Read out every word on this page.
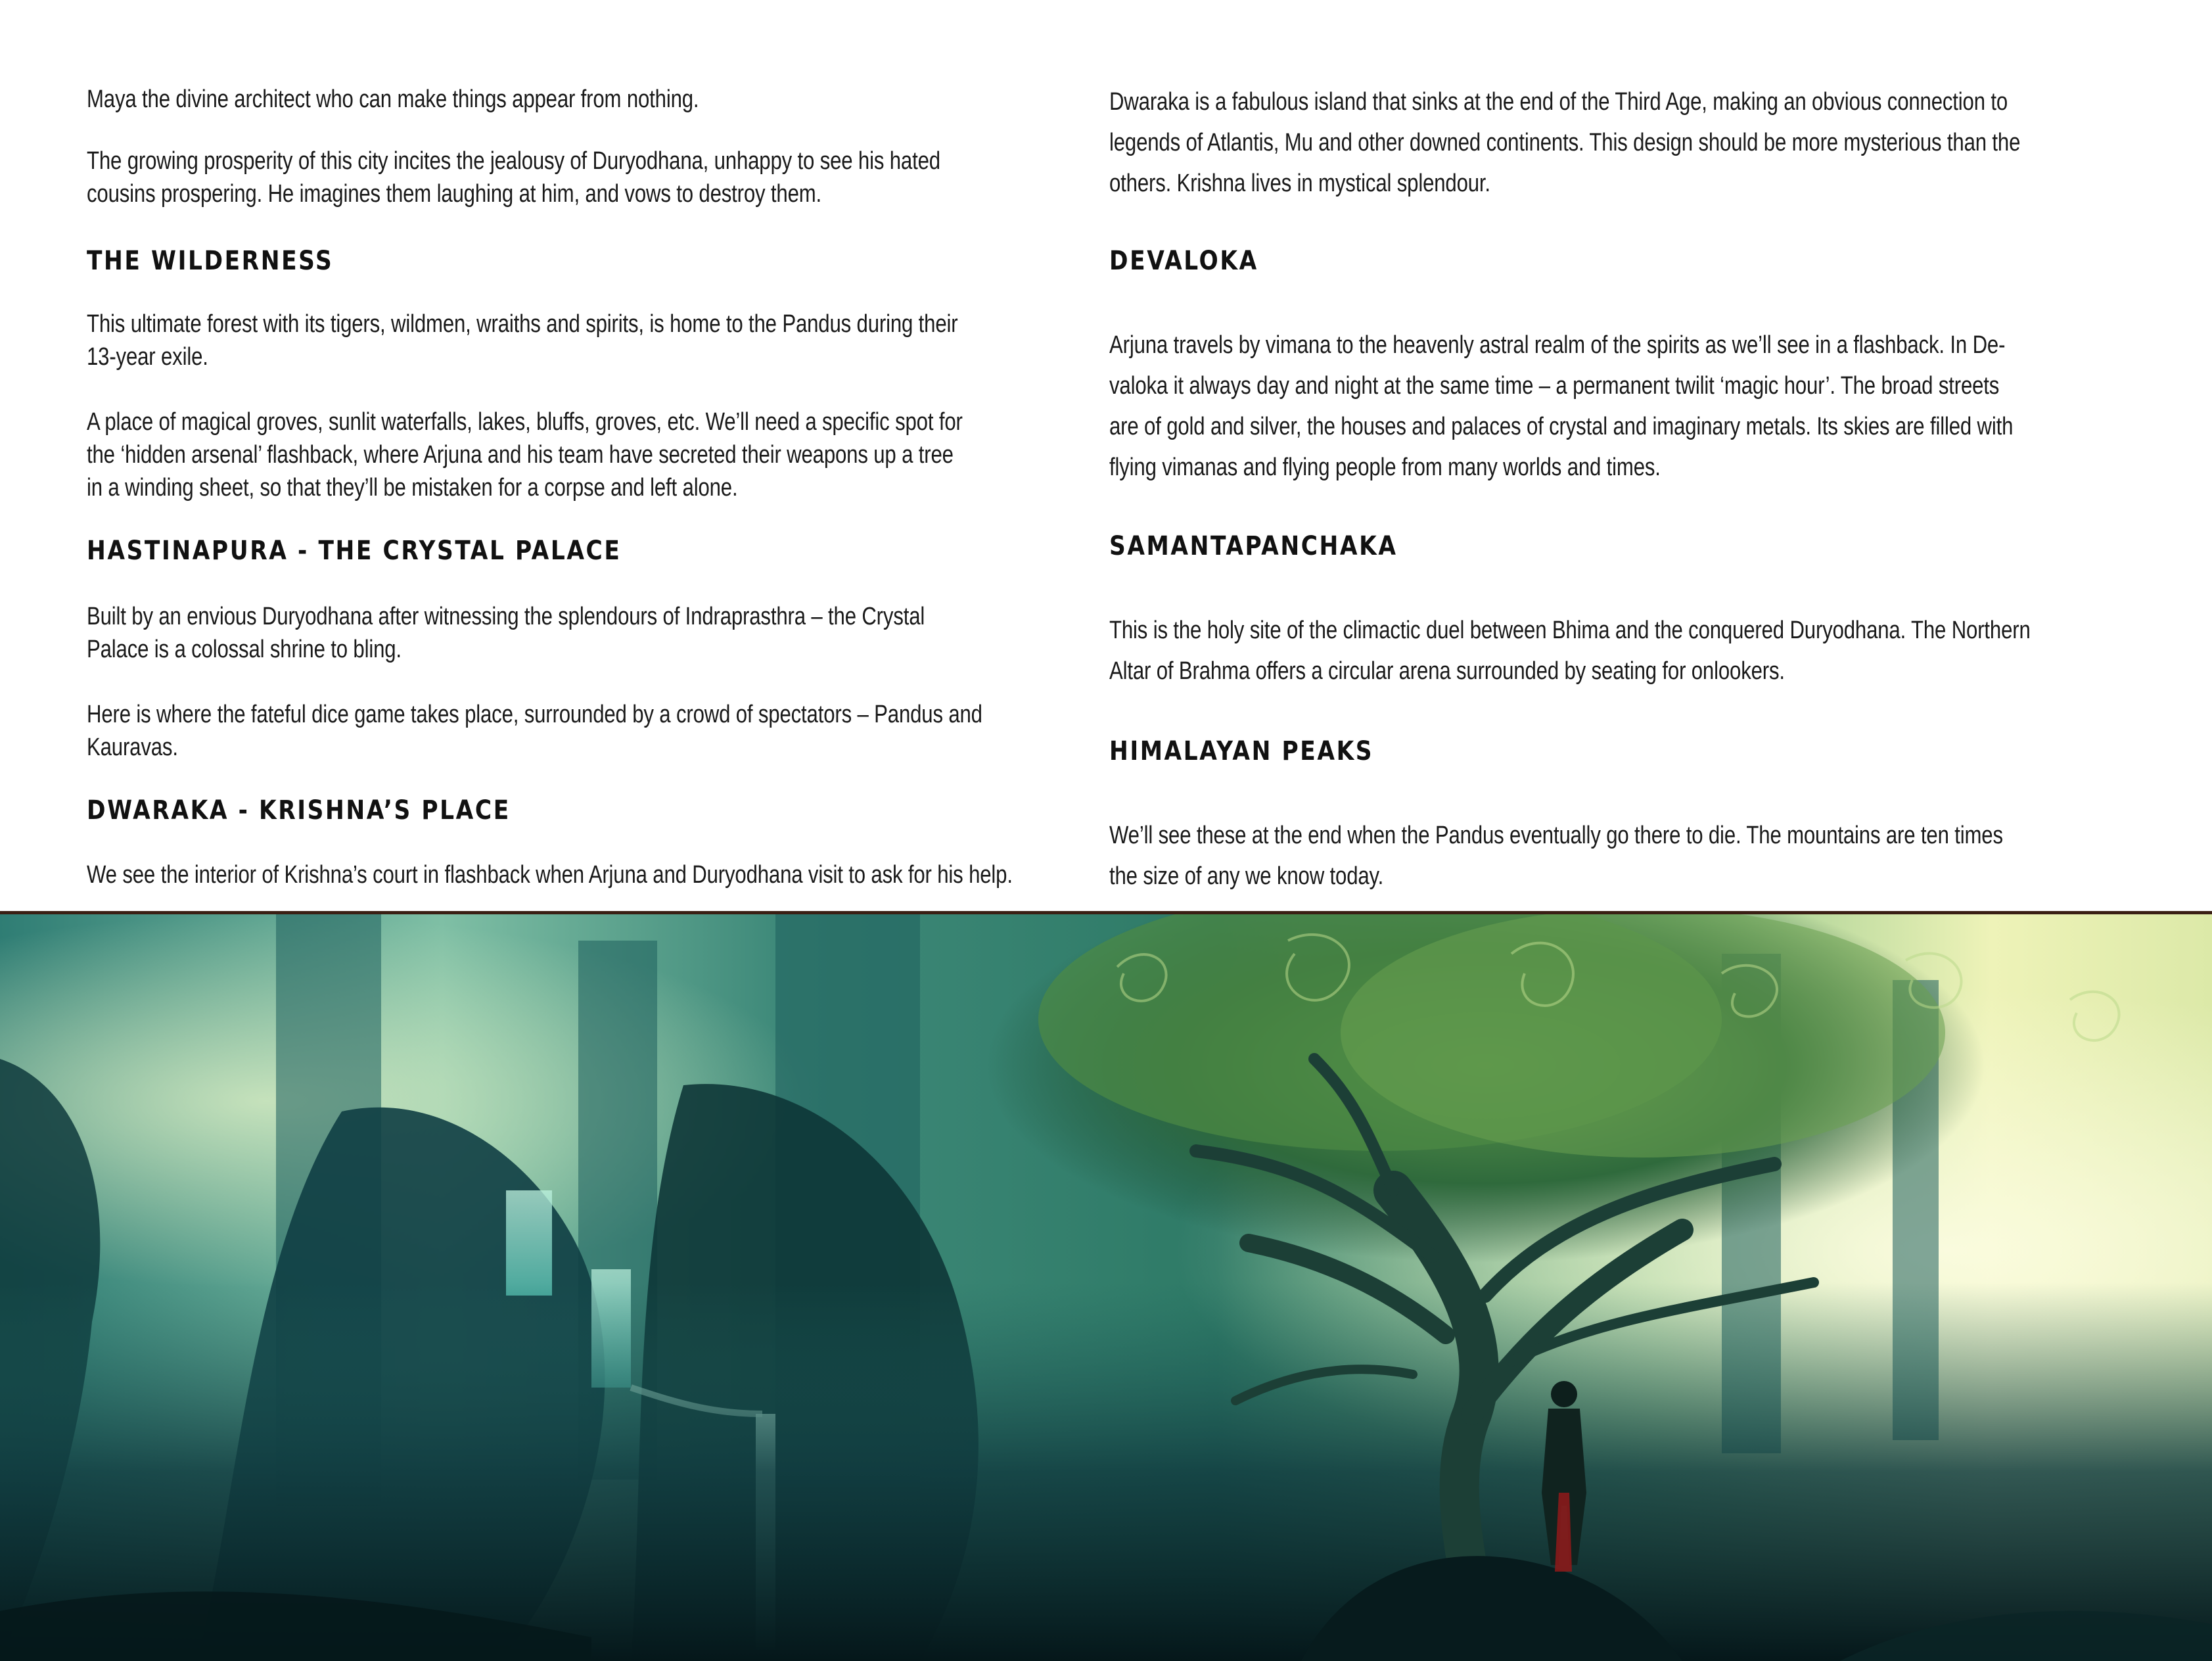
Maya the divine architect who can make things appear from nothing.

The growing prosperity of this city incites the jealousy of Duryodhana, unhappy to see his hated

cousins prospering. He imagines them laughing at him, and vows to destroy them.

THE WILDERNESS

This ultimate forest with its tigers, wildmen, wraiths and spirits, is home to the Pandus during their

13-year exile.

A place of magical groves, sunlit waterfalls, lakes, bluffs, groves, etc. We’ll need a specific spot for

the ‘hidden arsenal’ flashback, where Arjuna and his team have secreted their weapons up a tree

in a winding sheet, so that they’ll be mistaken for a corpse and left alone.

HASTINAPURA - THE CRYSTAL PALACE

Built by an envious Duryodhana after witnessing the splendours of Indraprasthra – the Crystal

Palace is a colossal shrine to bling.

Here is where the fateful dice game takes place, surrounded by a crowd of spectators – Pandus and

Kauravas.

DWARAKA - KRISHNA’S PLACE

We see the interior of Krishna’s court in flashback when Arjuna and Duryodhana visit to ask for his help.

Dwaraka is a fabulous island that sinks at the end of the Third Age, making an obvious connection to

legends of Atlantis, Mu and other downed continents. This design should be more mysterious than the

others. Krishna lives in mystical splendour.

DEVALOKA

Arjuna travels by vimana to the heavenly astral realm of the spirits as we’ll see in a flashback. In De-

valoka it always day and night at the same time – a permanent twilit ‘magic hour’. The broad streets

are of gold and silver, the houses and palaces of crystal and imaginary metals. Its skies are filled with

flying vimanas and flying people from many worlds and times.

SAMANTAPANCHAKA

This is the holy site of the climactic duel between Bhima and the conquered Duryodhana. The Northern

Altar of Brahma offers a circular arena surrounded by seating for onlookers.

HIMALAYAN PEAKS

We’ll see these at the end when the Pandus eventually go there to die. The mountains are ten times

the size of any we know today.
